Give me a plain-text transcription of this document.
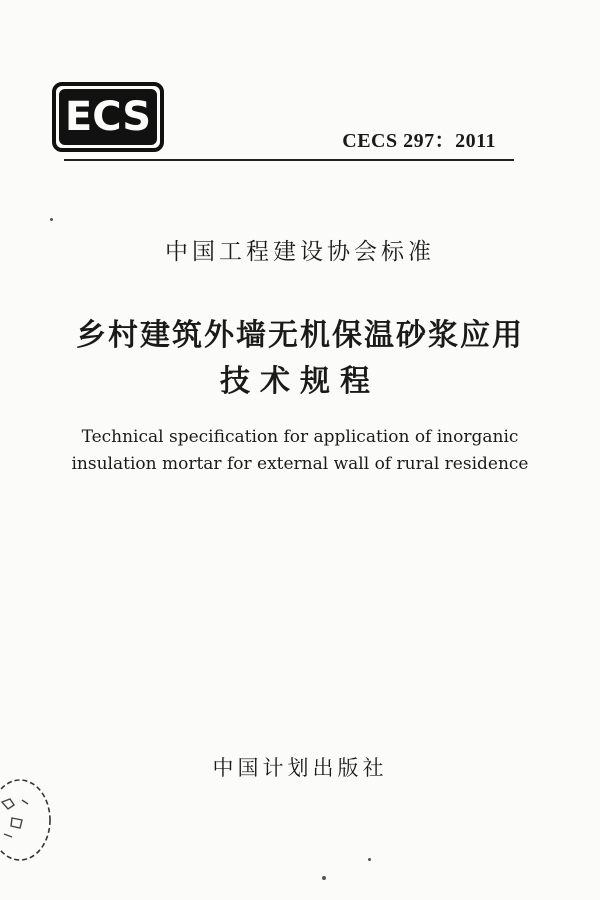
ECS
CECS 297：2011
中国工程建设协会标准
乡村建筑外墙无机保温砂浆应用
技术规程
Technical specification for application of inorganic
insulation mortar for external wall of rural residence
中国计划出版社
